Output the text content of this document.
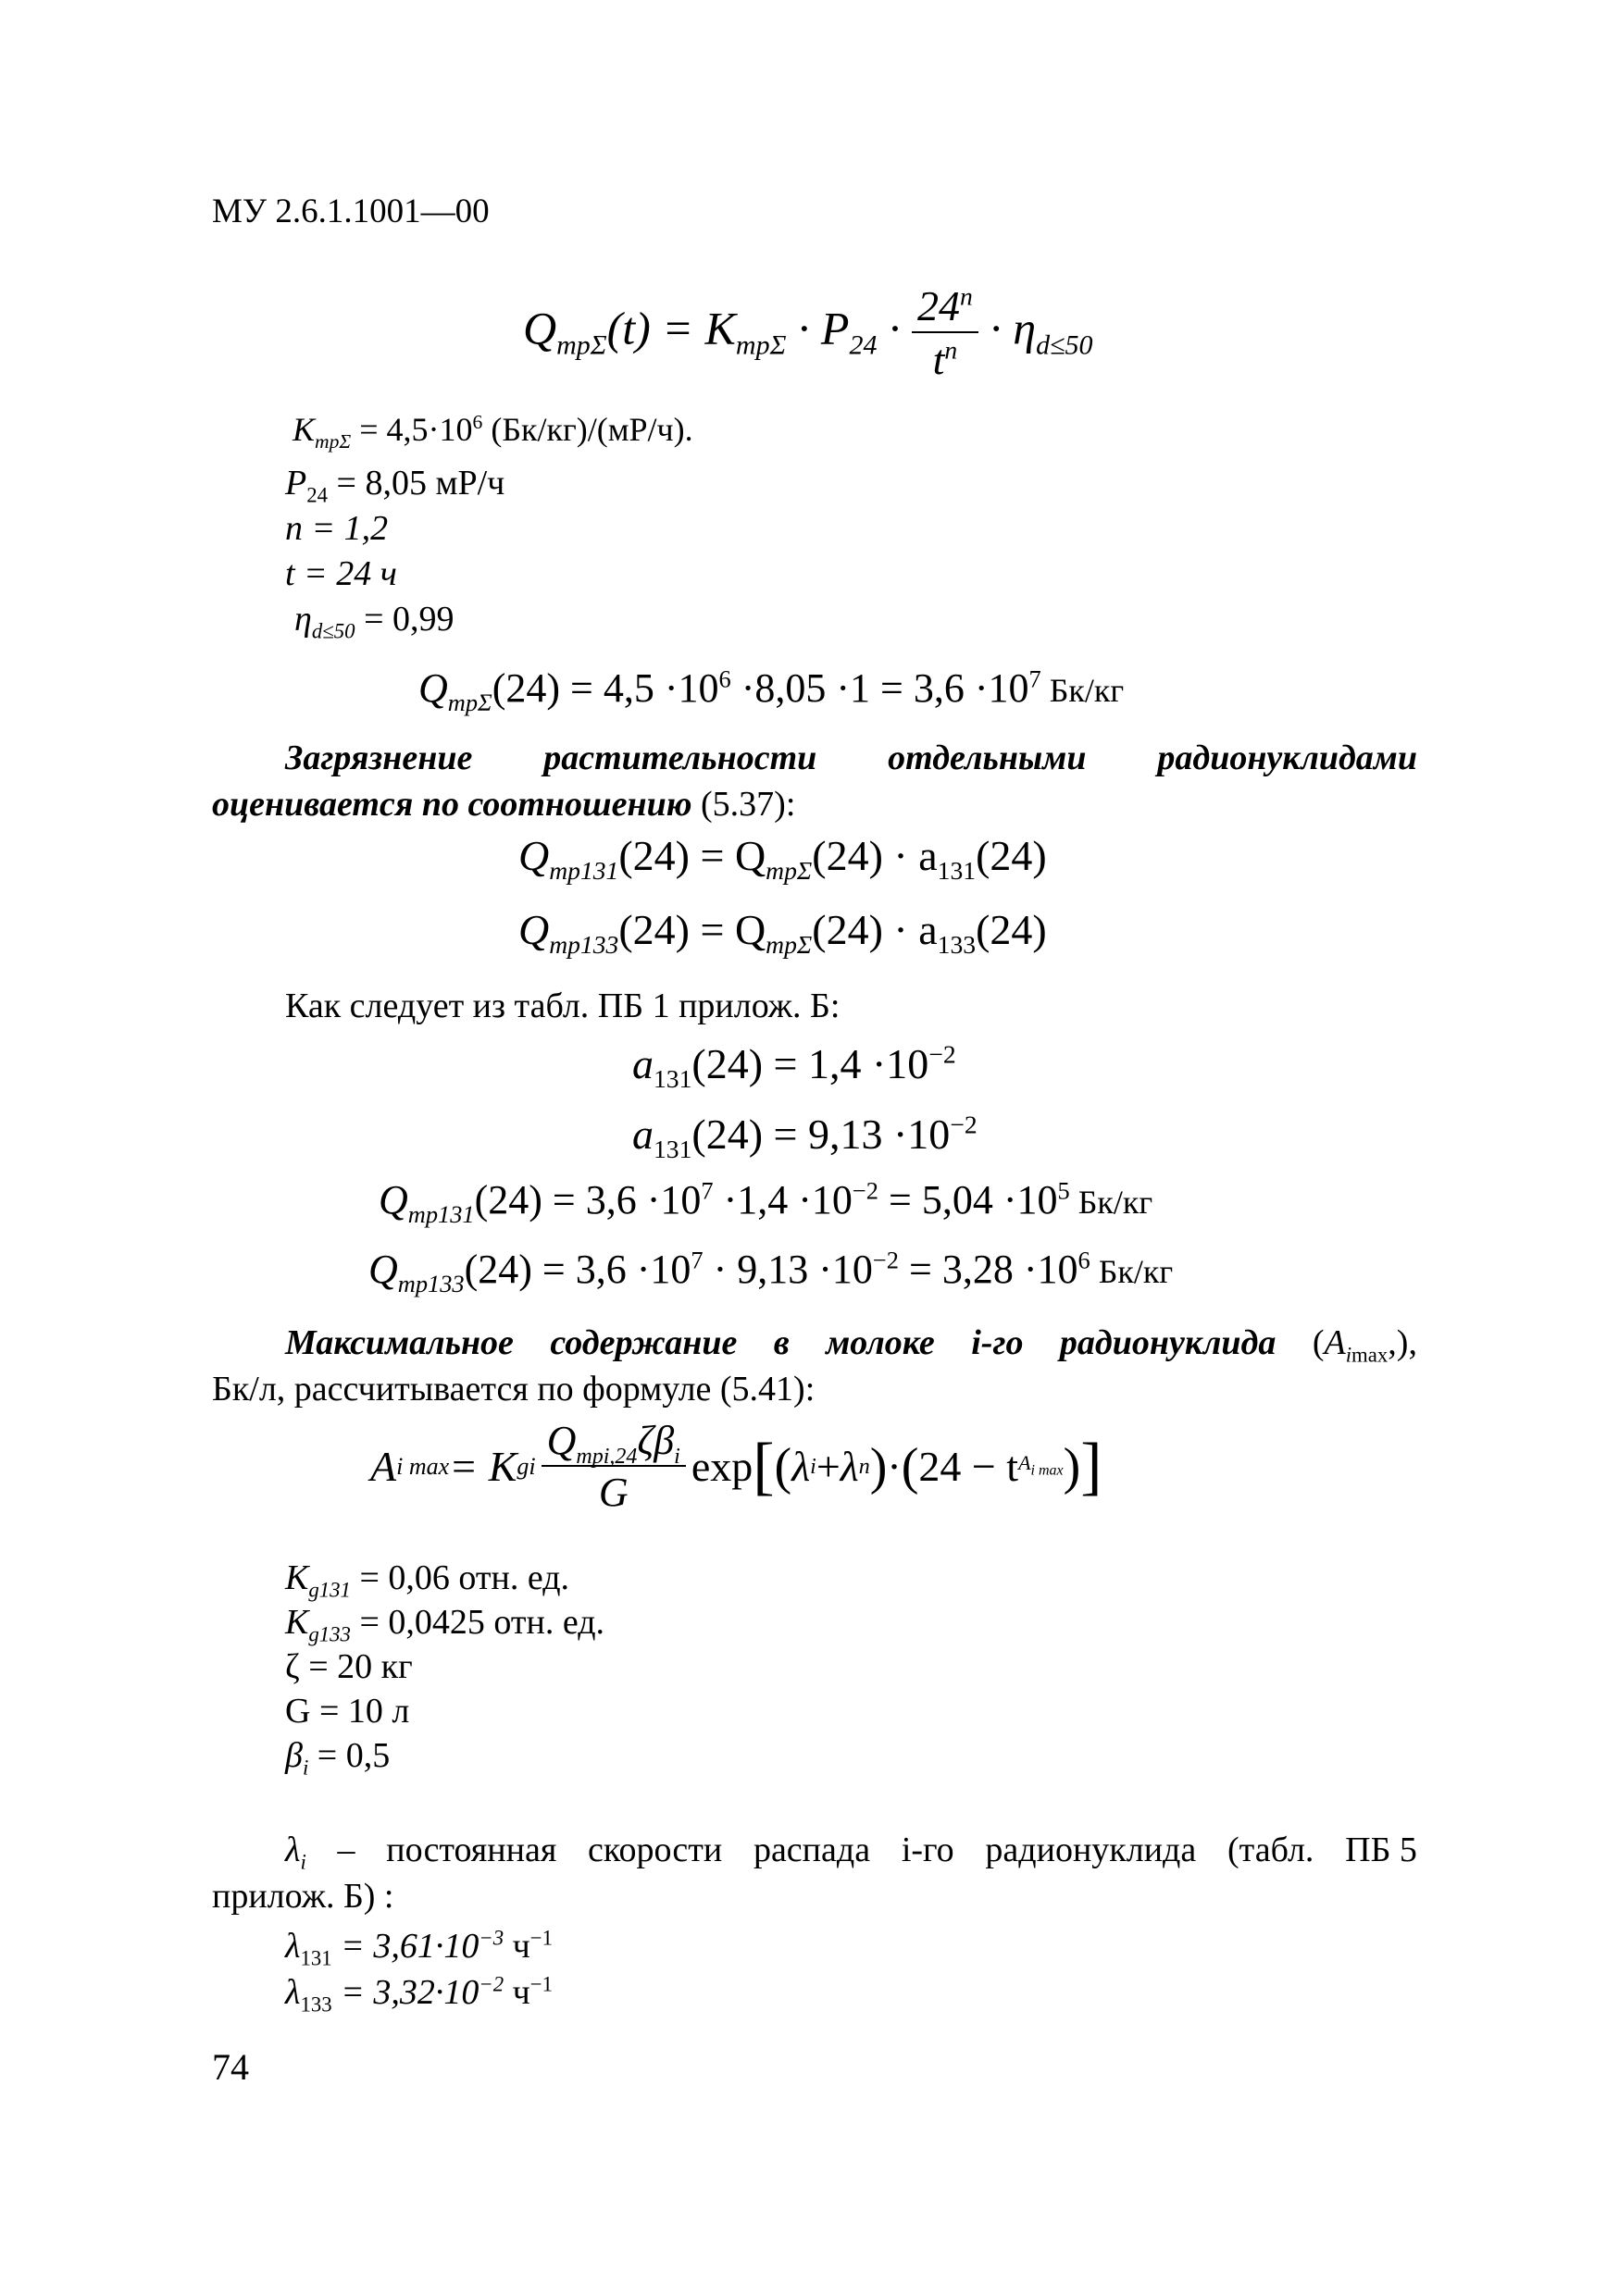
МУ 2.6.1.1001—00
$Q_{тр\Sigma}(t) = K_{тр\Sigma} \cdot P_{24} \cdot \frac{24^n}{t^n} \cdot \eta_{d\le 50}$
$K_{тр\Sigma} = 4,5\cdot 10^6$ (Бк/кг)/(мР/ч).
$P_{24} = 8,05$ мР/ч
n = 1,2
t = 24 ч
$\eta_{d\le 50} = 0,99$
$Q_{тр\Sigma}(24) = 4,5 \cdot 10^6 \cdot 8,05 \cdot 1 = 3,6 \cdot 10^7$ Бк/кг
Загрязнение растительности отдельными радионуклидами
оценивается по соотношению (5.37):
$Q_{тр131}(24) = Q_{тр\Sigma}(24) \cdot a_{131}(24)$
$Q_{тр133}(24) = Q_{тр\Sigma}(24) \cdot a_{133}(24)$
Как следует из табл. ПБ 1 прилож. Б:
$a_{131}(24) = 1,4 \cdot 10^{-2}$
$a_{131}(24) = 9,13 \cdot 10^{-2}$
$Q_{тр131}(24) = 3,6 \cdot 10^7 \cdot 1,4 \cdot 10^{-2} = 5,04 \cdot 10^5$ Бк/кг
$Q_{тр133}(24) = 3,6 \cdot 10^7 \cdot 9,13 \cdot 10^{-2} = 3,28 \cdot 10^6$ Бк/кг
Максимальное содержание в молоке i-го радионуклида $(A_{imax},)$,
Бк/л, рассчитывается по формуле (5.41):
A i max = K gi $\frac{Q_{трi,24}\zeta\beta_i}{G}$ exp [ ( λ i + λ n ) · ( 24 − t $A_{i max}$ ) ]
$K_{g131} = 0,06$ отн. ед.
$K_{g133} = 0,0425$ отн. ед.
ζ = 20 кг
G = 10 л
$\beta_i = 0,5$
$\lambda_i$ – постоянная скорости распада i-го радионуклида (табл. ПБ 5
прилож. Б) :
$\lambda_{131} = 3,61\cdot 10^{-3}$ $ч^{-1}$
$\lambda_{133} = 3,32\cdot 10^{-2}$ $ч^{-1}$
74
